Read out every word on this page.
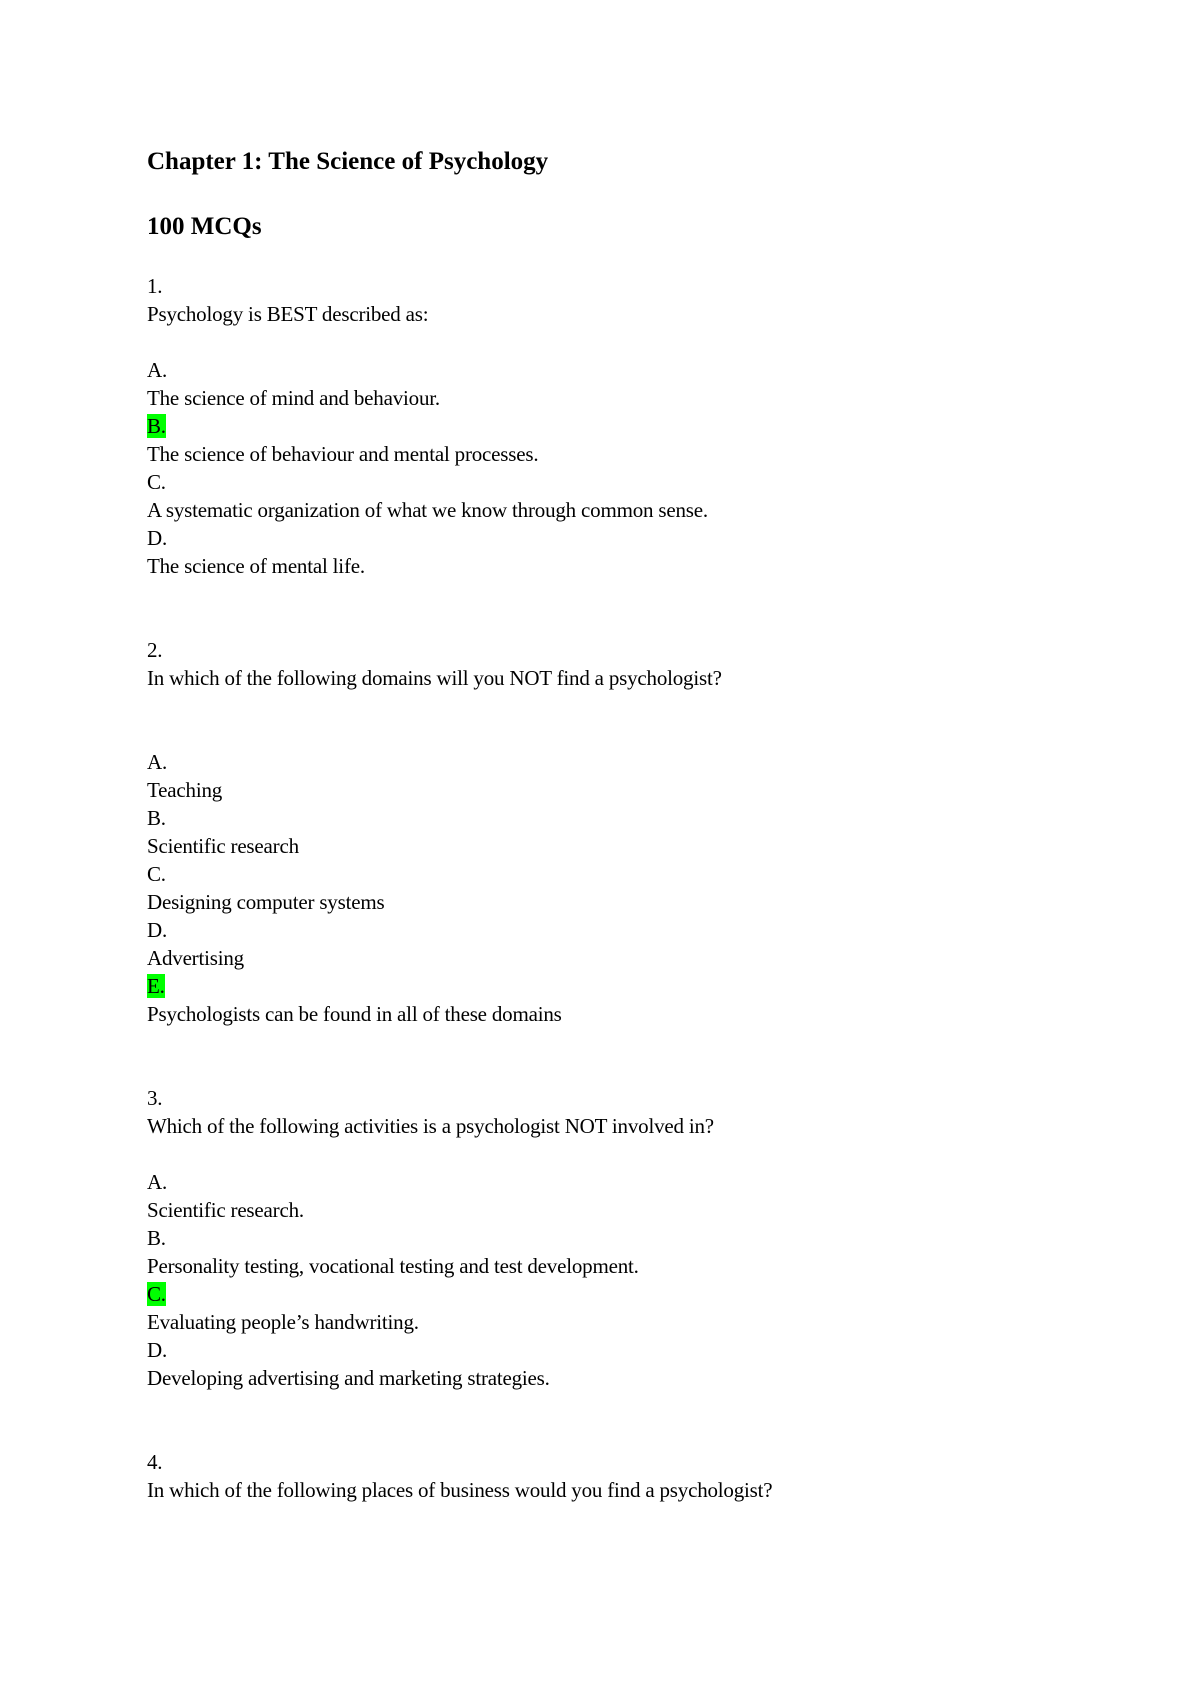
Chapter 1: The Science of Psychology
100 MCQs
1.
Psychology is BEST described as:
A.
The science of mind and behaviour.
B.
The science of behaviour and mental processes.
C.
A systematic organization of what we know through common sense.
D.
The science of mental life.
2.
In which of the following domains will you NOT find a psychologist?
A.
Teaching
B.
Scientific research
C.
Designing computer systems
D.
Advertising
E.
Psychologists can be found in all of these domains
3.
Which of the following activities is a psychologist NOT involved in?
A.
Scientific research.
B.
Personality testing, vocational testing and test development.
C.
Evaluating people’s handwriting.
D.
Developing advertising and marketing strategies.
4.
In which of the following places of business would you find a psychologist?
